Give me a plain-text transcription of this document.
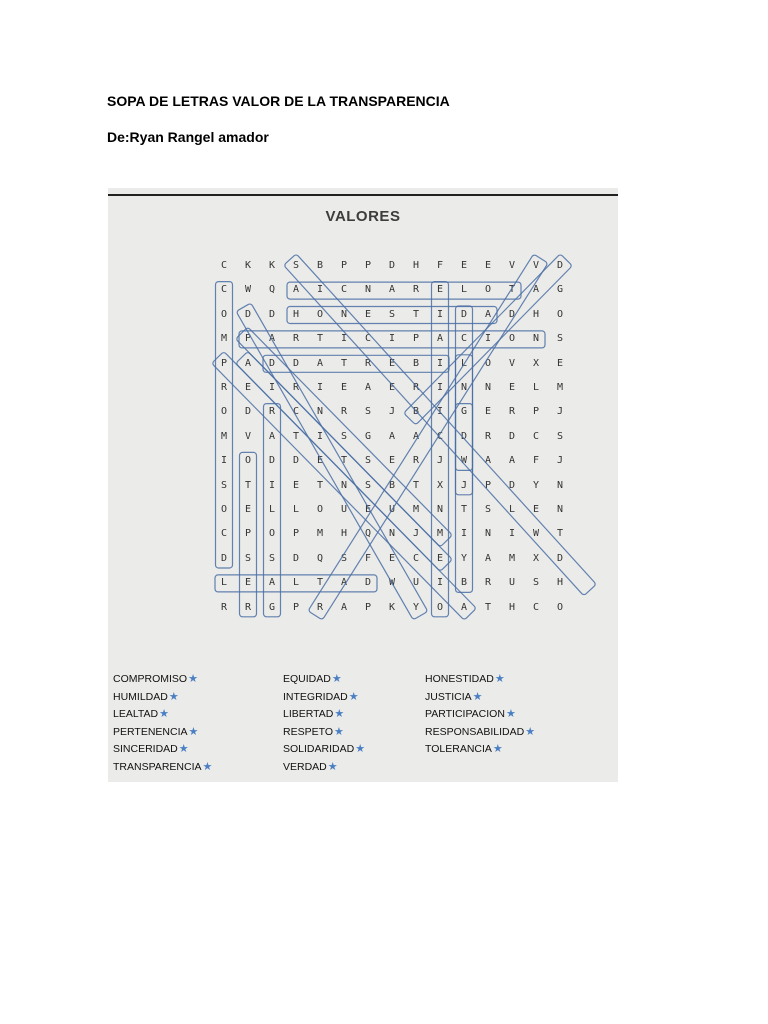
SOPA DE LETRAS VALOR DE LA TRANSPARENCIA
De:Ryan Rangel amador
VALORES
C	K	K	S	B	P	P	D	H	F	E	E	V	V	D
C	W	Q	A	I	C	N	A	R	E	L	O	T	A	G
O	D	D	H	O	N	E	S	T	I	D	A	D	H	O
M	P	A	R	T	I	C	I	P	A	C	I	O	N	S
P	A	D	D	A	T	R	E	B	I	L	O	V	X	E
R	E	I	R	I	E	A	E	R	I	N	N	E	L	M
O	D	R	C	N	R	S	J	B	I	G	E	R	P	J
M	V	A	T	I	S	G	A	A	C	D	R	D	C	S
I	O	D	D	E	T	S	E	R	J	W	A	A	F	J
S	T	I	E	T	N	S	B	T	X	J	P	D	Y	N
O	E	L	L	O	U	E	U	M	N	T	S	L	E	N
C	P	O	P	M	H	Q	N	J	M	I	N	I	W	T
D	S	S	D	Q	S	F	E	C	E	Y	A	M	X	D
L	E	A	L	T	A	D	W	U	I	B	R	U	S	H
R	R	G	P	R	A	P	K	Y	O	A	T	H	C	O
COMPROMISO★
HUMILDAD★
LEALTAD★
PERTENENCIA★
SINCERIDAD★
TRANSPARENCIA★
EQUIDAD★
INTEGRIDAD★
LIBERTAD★
RESPETO★
SOLIDARIDAD★
VERDAD★
HONESTIDAD★
JUSTICIA★
PARTICIPACION★
RESPONSABILIDAD★
TOLERANCIA★
